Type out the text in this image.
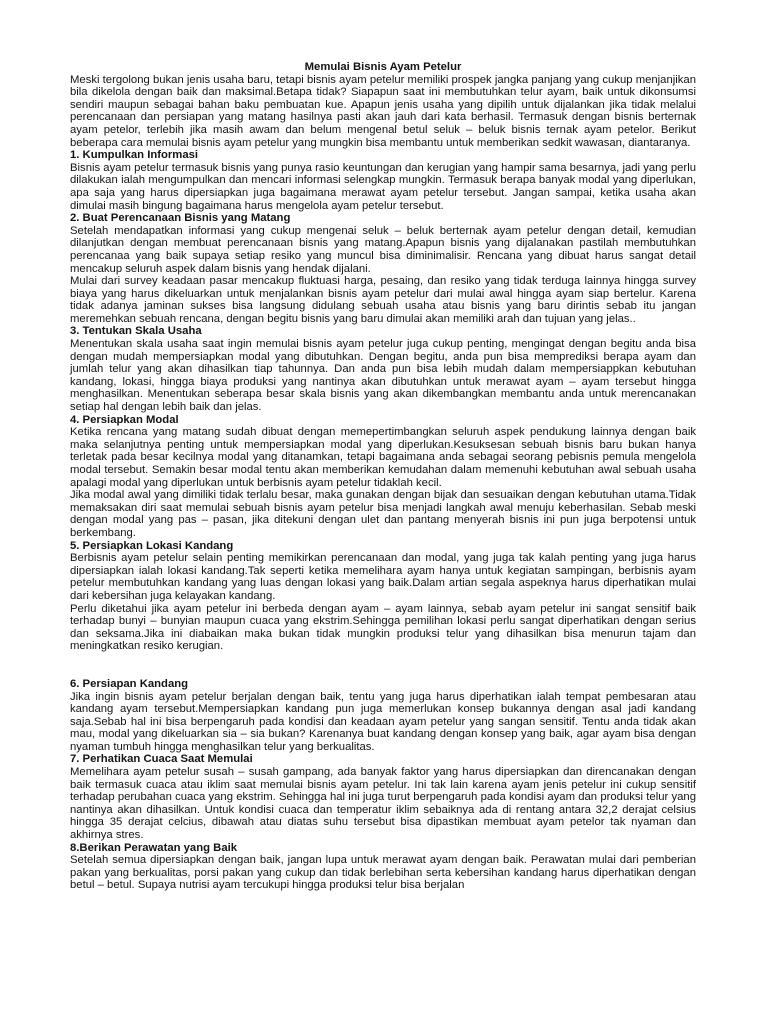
Memulai Bisnis Ayam Petelur
Meski tergolong bukan jenis usaha baru, tetapi bisnis ayam petelur memiliki prospek jangka panjang yang cukup menjanjikan bila dikelola dengan baik dan maksimal.Betapa tidak? Siapapun saat ini membutuhkan telur ayam, baik untuk dikonsumsi sendiri maupun sebagai bahan baku pembuatan kue. Apapun jenis usaha yang dipilih untuk dijalankan jika tidak melalui perencanaan dan persiapan yang matang hasilnya pasti akan jauh dari kata berhasil. Termasuk dengan bisnis berternak ayam petelor, terlebih jika masih awam dan belum mengenal betul seluk – beluk bisnis ternak ayam petelor. Berikut beberapa cara memulai bisnis ayam petelur yang mungkin bisa membantu untuk memberikan sedkit wawasan, diantaranya.
1. Kumpulkan Informasi
Bisnis ayam petelur termasuk bisnis yang punya rasio keuntungan dan kerugian yang hampir sama besarnya, jadi yang perlu dilakukan ialah mengumpulkan dan mencari informasi selengkap mungkin. Termasuk berapa banyak modal yang diperlukan, apa saja yang harus dipersiapkan juga bagaimana merawat ayam petelur tersebut. Jangan sampai, ketika usaha akan dimulai masih bingung bagaimana harus mengelola ayam petelur tersebut.
2. Buat Perencanaan Bisnis yang Matang
Setelah mendapatkan informasi yang cukup mengenai seluk – beluk berternak ayam petelur dengan detail, kemudian dilanjutkan dengan membuat perencanaan bisnis yang matang.Apapun bisnis yang dijalanakan pastilah membutuhkan perencanaa yang baik supaya setiap resiko yang muncul bisa diminimalisir. Rencana yang dibuat harus sangat detail mencakup seluruh aspek dalam bisnis yang hendak dijalani.
Mulai dari survey keadaan pasar mencakup fluktuasi harga, pesaing, dan resiko yang tidak terduga lainnya hingga survey biaya yang harus dikeluarkan untuk menjalankan bisnis ayam petelur dari mulai awal hingga ayam siap bertelur. Karena tidak adanya jaminan sukses bisa langsung didulang sebuah usaha atau bisnis yang baru dirintis sebab itu jangan meremehkan sebuah rencana, dengan begitu bisnis yang baru dimulai akan memiliki arah dan tujuan yang jelas..
3. Tentukan Skala Usaha
Menentukan skala usaha saat ingin memulai bisnis ayam petelur juga cukup penting, mengingat dengan begitu anda bisa dengan mudah mempersiapkan modal yang dibutuhkan. Dengan begitu, anda pun bisa memprediksi berapa ayam dan jumlah telur yang akan dihasilkan tiap tahunnya. Dan anda pun bisa lebih mudah dalam mempersiappkan kebutuhan kandang, lokasi, hingga biaya produksi yang nantinya akan dibutuhkan untuk merawat ayam – ayam tersebut hingga menghasilkan. Menentukan seberapa besar skala bisnis yang akan dikembangkan membantu anda untuk merencanakan setiap hal dengan lebih baik dan jelas.
4. Persiapkan Modal
Ketika rencana yang matang sudah dibuat dengan memepertimbangkan seluruh aspek pendukung lainnya dengan baik maka selanjutnya penting untuk mempersiapkan modal yang diperlukan.Kesuksesan sebuah bisnis baru bukan hanya terletak pada besar kecilnya modal yang ditanamkan, tetapi bagaimana anda sebagai seorang pebisnis pemula mengelola modal tersebut. Semakin besar modal tentu akan memberikan kemudahan dalam memenuhi kebutuhan awal sebuah usaha apalagi modal yang diperlukan untuk berbisnis ayam petelur tidaklah kecil.
Jika modal awal yang dimiliki tidak terlalu besar, maka gunakan dengan bijak dan sesuaikan dengan kebutuhan utama.Tidak memaksakan diri saat memulai sebuah bisnis ayam petelur bisa menjadi langkah awal menuju keberhasilan. Sebab meski dengan modal yang pas – pasan, jika ditekuni dengan ulet dan pantang menyerah bisnis ini pun juga berpotensi untuk berkembang.
5. Persiapkan Lokasi Kandang
Berbisnis ayam petelur selain penting memikirkan perencanaan dan modal, yang juga tak kalah penting yang juga harus dipersiapkan ialah lokasi kandang.Tak seperti ketika memelihara ayam hanya untuk kegiatan sampingan, berbisnis ayam petelur membutuhkan kandang yang luas dengan lokasi yang baik.Dalam artian segala aspeknya harus diperhatikan mulai dari kebersihan juga kelayakan kandang.
Perlu diketahui jika ayam petelur ini berbeda dengan ayam – ayam lainnya, sebab ayam petelur ini sangat sensitif baik terhadap bunyi – bunyian maupun cuaca yang ekstrim.Sehingga pemilihan lokasi perlu sangat diperhatikan dengan serius dan seksama.Jika ini diabaikan maka bukan tidak mungkin produksi telur yang dihasilkan bisa menurun tajam dan meningkatkan resiko kerugian.
6. Persiapan Kandang
Jika ingin bisnis ayam petelur berjalan dengan baik, tentu yang juga harus diperhatikan ialah tempat pembesaran atau kandang ayam tersebut.Mempersiapkan kandang pun juga memerlukan konsep bukannya dengan asal jadi kandang saja.Sebab hal ini bisa berpengaruh pada kondisi dan keadaan ayam petelur yang sangan sensitif. Tentu anda tidak akan mau, modal yang dikeluarkan sia – sia bukan? Karenanya buat kandang dengan konsep yang baik, agar ayam bisa dengan nyaman tumbuh hingga menghasilkan telur yang berkualitas.
7. Perhatikan Cuaca Saat Memulai
Memelihara ayam petelur susah – susah gampang, ada banyak faktor yang harus dipersiapkan dan direncanakan dengan baik termasuk cuaca atau iklim saat memulai bisnis ayam petelur. Ini tak lain karena ayam jenis petelur ini cukup sensitif terhadap perubahan cuaca yang ekstrim. Sehingga hal ini juga turut berpengaruh pada kondisi ayam dan produksi telur yang nantinya akan dihasilkan. Untuk kondisi cuaca dan temperatur iklim sebaiknya ada di rentang antara 32,2 derajat celsius hingga 35 derajat celcius, dibawah atau diatas suhu tersebut bisa dipastikan membuat ayam petelor tak nyaman dan akhirnya stres.
8.Berikan Perawatan yang Baik
Setelah semua dipersiapkan dengan baik, jangan lupa untuk merawat ayam dengan baik. Perawatan mulai dari pemberian pakan yang berkualitas, porsi pakan yang cukup dan tidak berlebihan serta kebersihan kandang harus diperhatikan dengan betul – betul. Supaya nutrisi ayam tercukupi hingga produksi telur bisa berjalan
